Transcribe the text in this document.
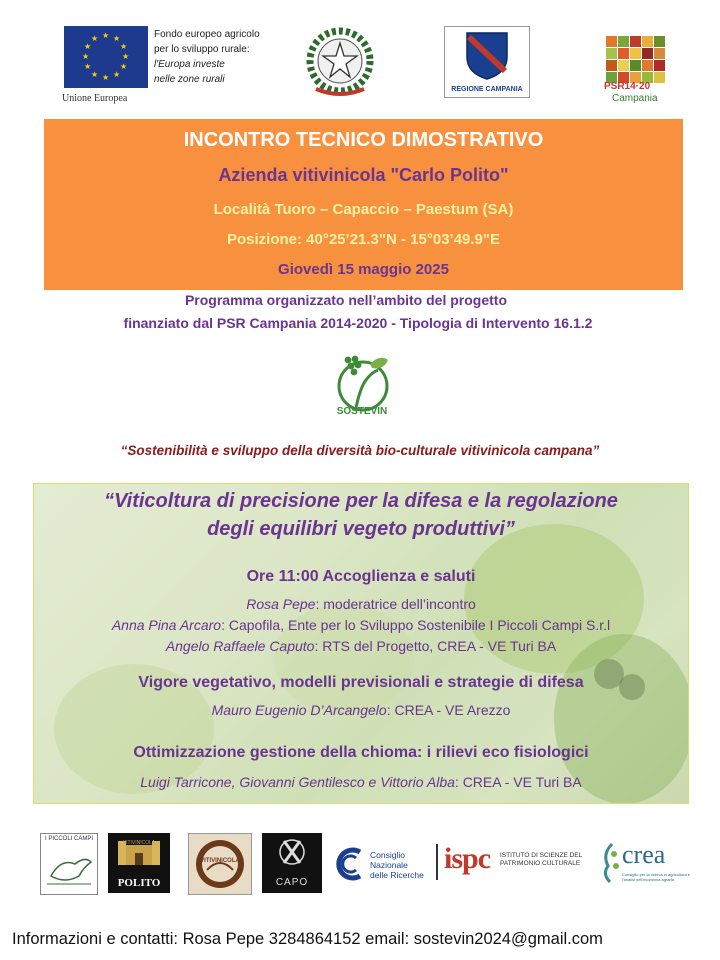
★ ★
★
★
★
★
★
★
★
★
★
★
Unione Europea
Fondo europeo agricolo
per lo sviluppo rurale:
l'Europa investe
nelle zone rurali
REGIONE CAMPANIA	PSR14·20
Campania
INCONTRO TECNICO DIMOSTRATIVO
Azienda vitivinicola "Carlo Polito"
Località Tuoro – Capaccio – Paestum (SA)
Posizione: 40°25’21.3"N - 15°03’49.9"E
Giovedì 15 maggio 2025
Programma organizzato nell’ambito del progetto
finanziato dal PSR Campania 2014-2020 - Tipologia di Intervento 16.1.2
SOSTEVIN
“Sostenibilità e sviluppo della diversità bio-culturale vitivinicola campana”
“Viticoltura di precisione per la difesa e la regolazione
degli equilibri vegeto produttivi”
Ore 11:00 Accoglienza e saluti
Rosa Pepe: moderatrice dell’incontro
Anna Pina Arcaro: Capofila, Ente per lo Sviluppo Sostenibile I Piccoli Campi S.r.l
Angelo Raffaele Caputo: RTS del Progetto, CREA - VE Turi BA
Vigore vegetativo, modelli previsionali e strategie di difesa
Mauro Eugenio D’Arcangelo: CREA - VE Arezzo
Ottimizzazione gestione della chioma: i rilievi eco fisiologici
Luigi Tarricone, Giovanni Gentilesco e Vittorio Alba: CREA - VE Turi BA
I PICCOLI CAMPI
VITIVINICOLA
POLITO
VITIVINICOLA
CAPO
Consiglio
Nazionale
delle Ricerche ispc ISTITUTO DI SCIENZE DEL PATRIMONIO CULTURALE	crea
Consiglio per la ricerca in agricoltura e l'analisi dell'economia agraria
Informazioni e contatti: Rosa Pepe 3284864152 email: sostevin2024@gmail.com
